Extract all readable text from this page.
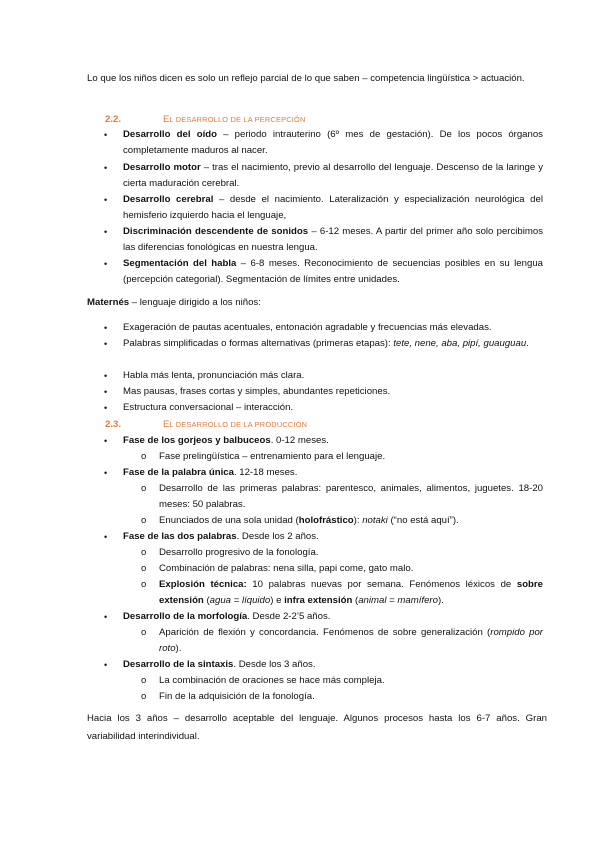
Lo que los niños dicen es solo un reflejo parcial de lo que saben – competencia lingüística > actuación.

2.2.	EL DESARROLLO DE LA PERCEPCIÓN
• Desarrollo del oído – periodo intrauterino (6º mes de gestación). De los pocos órganos completamente maduros al nacer.
• Desarrollo motor – tras el nacimiento, previo al desarrollo del lenguaje. Descenso de la laringe y cierta maduración cerebral.
• Desarrollo cerebral – desde el nacimiento. Lateralización y especialización neurológica del hemisferio izquierdo hacia el lenguaje,
• Discriminación descendente de sonidos – 6-12 meses. A partir del primer año solo percibimos las diferencias fonológicas en nuestra lengua.
• Segmentación del habla – 6-8 meses. Reconocimiento de secuencias posibles en su lengua (percepción categorial). Segmentación de límites entre unidades.
Maternés – lenguaje dirigido a los niños:
• Exageración de pautas acentuales, entonación agradable y frecuencias más elevadas.
• Palabras simplificadas o formas alternativas (primeras etapas): tete, nene, aba, pipí, guauguau.
• Habla más lenta, pronunciación más clara.
• Mas pausas, frases cortas y simples, abundantes repeticiones.
• Estructura conversacional – interacción.
2.3.	EL DESARROLLO DE LA PRODUCCIÓN
• Fase de los gorjeos y balbuceos. 0-12 meses.
o Fase prelingüística – entrenamiento para el lenguaje.
• Fase de la palabra única. 12-18 meses.
o Desarrollo de las primeras palabras: parentesco, animales, alimentos, juguetes. 18-20 meses: 50 palabras.
o Enunciados de una sola unidad (holofrástico): notaki (“no está aquí”).
• Fase de las dos palabras. Desde los 2 años.
o Desarrollo progresivo de la fonología.
o Combinación de palabras: nena silla, papi come, gato malo.
o Explosión técnica: 10 palabras nuevas por semana. Fenómenos léxicos de sobre extensión (agua = líquido) e infra extensión (animal = mamífero).
• Desarrollo de la morfología. Desde 2-2’5 años.
o Aparición de flexión y concordancia. Fenómenos de sobre generalización (rompido por roto).
• Desarrollo de la sintaxis. Desde los 3 años.
o La combinación de oraciones se hace más compleja.
o Fin de la adquisición de la fonología.

Hacia los 3 años – desarrollo aceptable del lenguaje. Algunos procesos hasta los 6-7 años. Gran variabilidad interindividual.
